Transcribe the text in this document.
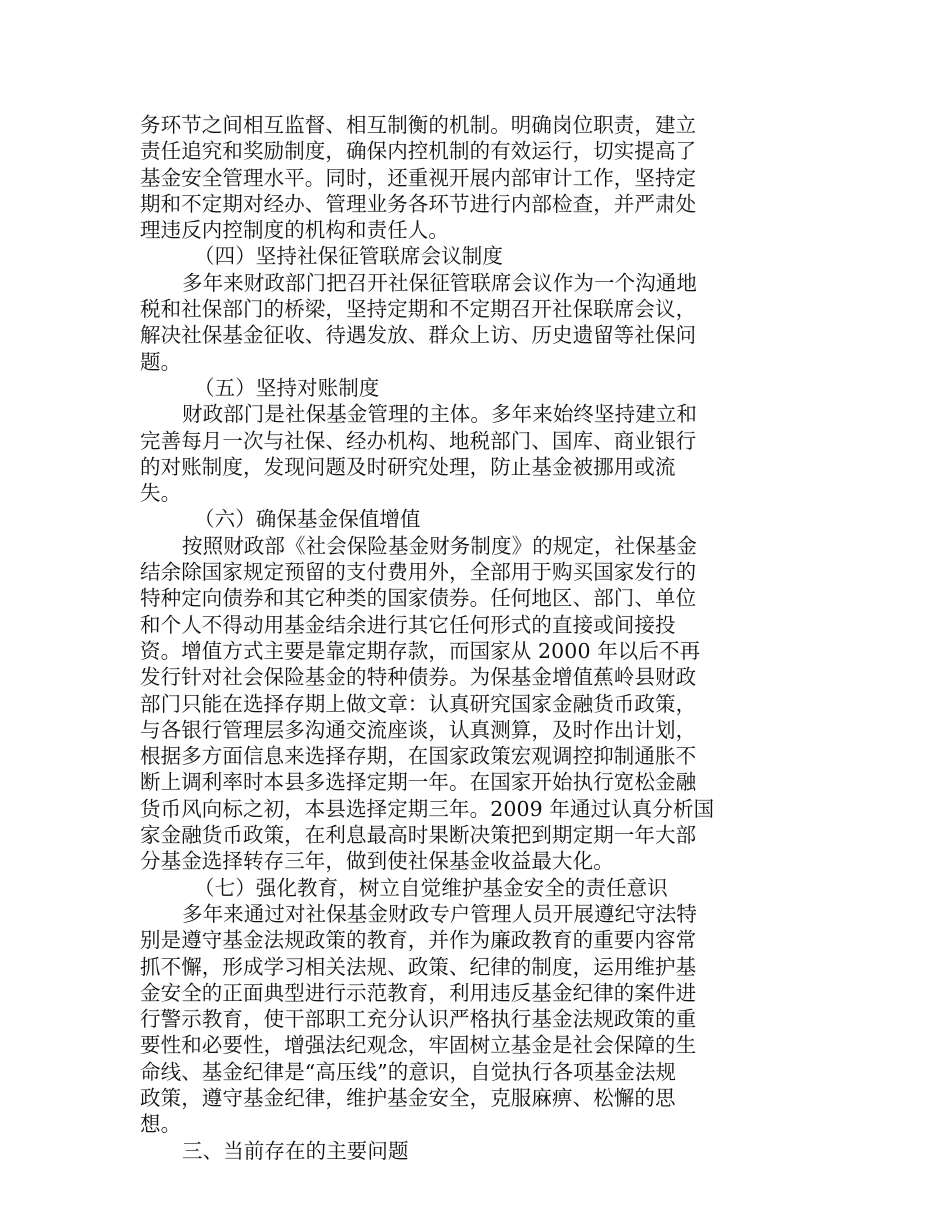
务环节之间相互监督、相互制衡的机制。明确岗位职责，建立
责任追究和奖励制度，确保内控机制的有效运行，切实提高了
基金安全管理水平。同时，还重视开展内部审计工作，坚持定
期和不定期对经办、管理业务各环节进行内部检查，并严肃处
理违反内控制度的机构和责任人。
（四）坚持社保征管联席会议制度
多年来财政部门把召开社保征管联席会议作为一个沟通地
税和社保部门的桥梁，坚持定期和不定期召开社保联席会议，
解决社保基金征收、待遇发放、群众上访、历史遗留等社保问
题。
（五）坚持对账制度
财政部门是社保基金管理的主体。多年来始终坚持建立和
完善每月一次与社保、经办机构、地税部门、国库、商业银行
的对账制度，发现问题及时研究处理，防止基金被挪用或流
失。
（六）确保基金保值增值
按照财政部《社会保险基金财务制度》的规定，社保基金
结余除国家规定预留的支付费用外，全部用于购买国家发行的
特种定向债券和其它种类的国家债券。任何地区、部门、单位
和个人不得动用基金结余进行其它任何形式的直接或间接投
资。增值方式主要是靠定期存款，而国家从 2000 年以后不再
发行针对社会保险基金的特种债券。为保基金增值蕉岭县财政
部门只能在选择存期上做文章：认真研究国家金融货币政策，
与各银行管理层多沟通交流座谈，认真测算，及时作出计划，
根据多方面信息来选择存期，在国家政策宏观调控抑制通胀不
断上调利率时本县多选择定期一年。在国家开始执行宽松金融
货币风向标之初，本县选择定期三年。2009 年通过认真分析国
家金融货币政策，在利息最高时果断决策把到期定期一年大部
分基金选择转存三年，做到使社保基金收益最大化。
（七）强化教育，树立自觉维护基金安全的责任意识
多年来通过对社保基金财政专户管理人员开展遵纪守法特
别是遵守基金法规政策的教育，并作为廉政教育的重要内容常
抓不懈，形成学习相关法规、政策、纪律的制度，运用维护基
金安全的正面典型进行示范教育，利用违反基金纪律的案件进
行警示教育，使干部职工充分认识严格执行基金法规政策的重
要性和必要性，增强法纪观念，牢固树立基金是社会保障的生
命线、基金纪律是“高压线”的意识，自觉执行各项基金法规
政策，遵守基金纪律，维护基金安全，克服麻痹、松懈的思
想。
三、当前存在的主要问题
